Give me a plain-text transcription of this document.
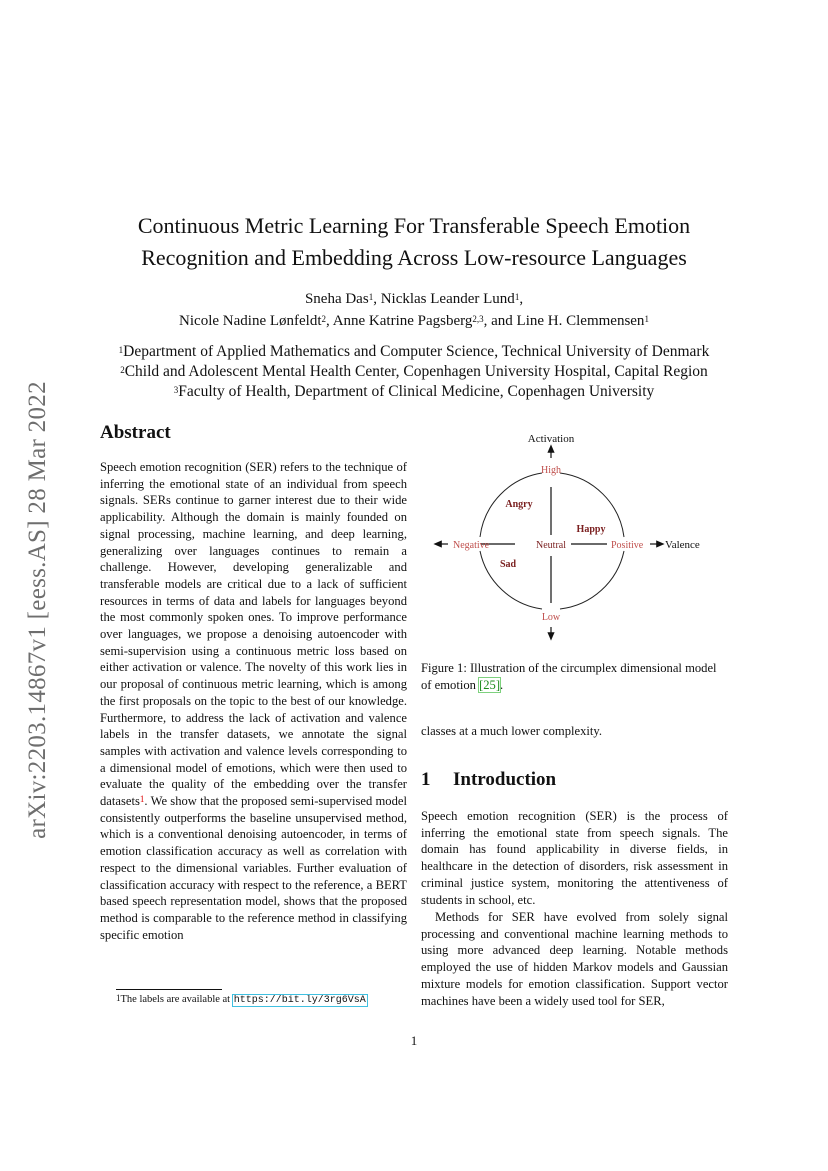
arXiv:2203.14867v1 [eess.AS] 28 Mar 2022
Continuous Metric Learning For Transferable Speech Emotion
Recognition and Embedding Across Low-resource Languages
Sneha Das$^1$, Nicklas Leander Lund$^1$,
Nicole Nadine Lønfeldt$^2$, Anne Katrine Pagsberg$^{2,3}$, and Line H. Clemmensen$^1$
$^1$Department of Applied Mathematics and Computer Science, Technical University of Denmark
$^2$Child and Adolescent Mental Health Center, Copenhagen University Hospital, Capital Region
$^3$Faculty of Health, Department of Clinical Medicine, Copenhagen University
Abstract
Speech emotion recognition (SER) refers to the technique of inferring the emotional state of an individual from speech signals. SERs continue to garner interest due to their wide applicability. Although the domain is mainly founded on signal processing, machine learning, and deep learning, generalizing over languages continues to remain a challenge. However, developing generalizable and transferable models are critical due to a lack of sufficient resources in terms of data and labels for languages beyond the most commonly spoken ones. To improve performance over languages, we propose a denoising autoencoder with semi-supervision using a continuous metric loss based on either activation or valence. The novelty of this work lies in our proposal of continuous metric learning, which is among the first proposals on the topic to the best of our knowledge. Furthermore, to address the lack of activation and valence labels in the transfer datasets, we annotate the signal samples with activation and valence levels corresponding to a dimensional model of emotions, which were then used to evaluate the quality of the embedding over the transfer datasets$^1$. We show that the proposed semi-supervised model consistently outperforms the baseline unsupervised method, which is a conventional denoising autoencoder, in terms of emotion classification accuracy as well as correlation with respect to the dimensional variables. Further evaluation of classification accuracy with respect to the reference, a BERT based speech representation model, shows that the proposed method is comparable to the reference method in classifying specific emotion
$^1$The labels are available at https://bit.ly/3rg6VsA
Activation
Valence
High
Low
Negative	Positive
Neutral
Angry
Happy
Sad
Figure 1: Illustration of the circumplex dimensional model of emotion [25].
classes at a much lower complexity.
1 Introduction
Speech emotion recognition (SER) is the process of inferring the emotional state from speech signals. The domain has found applicability in diverse fields, in healthcare in the detection of disorders, risk assessment in criminal justice system, monitoring the attentiveness of students in school, etc.
Methods for SER have evolved from solely signal processing and conventional machine learning methods to using more advanced deep learning. Notable methods employed the use of hidden Markov models and Gaussian mixture models for emotion classification. Support vector machines have been a widely used tool for SER,
1
